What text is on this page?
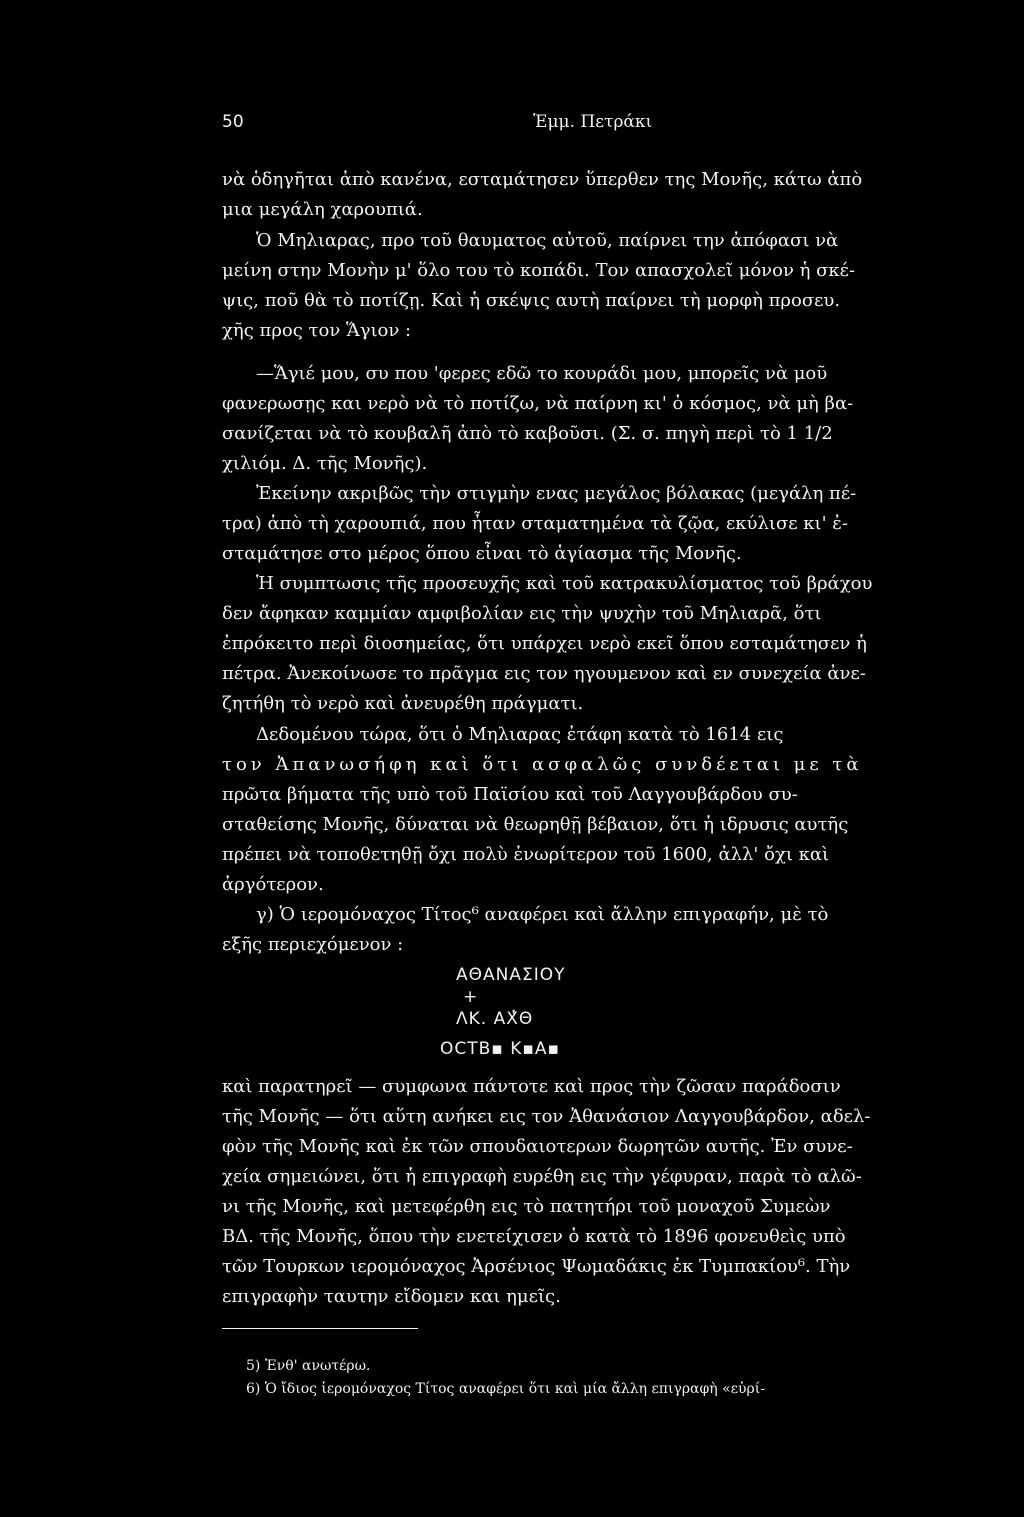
50	Ἐμμ. Πετράκι
νὰ ὁδηγῆται ἀπὸ κανένα, εσταμάτησεν ὕπερθεν της Μονῆς, κάτω ἀπὸ
μια μεγάλη χαρουπιά.
Ὁ Μηλιαρας, προ τοῦ θαυματος αὐτοῦ, παίρνει την ἀπόφασι νὰ
μείνη στην Μονὴν μ' ὅλο του τὸ κοπάδι. Τον απασχολεῖ μόνον ἡ σκέ-
ψις, ποῦ θὰ τὸ ποτίζῃ. Καὶ ἡ σκέψις αυτὴ παίρνει τὴ μορφὴ προσευ.
χῆς προς τον Ἅγιον :
—Ἅγιέ μου, συ που 'φερες εδῶ το κουράδι μου, μπορεῖς νὰ μοῦ
φανερωσῃς και νερὸ νὰ τὸ ποτίζω, νὰ παίρνη κι' ὁ κόσμος, νὰ μὴ βα-
σανίζεται νὰ τὸ κουβαλῆ ἀπὸ τὸ καβοῦσι. (Σ. σ. πηγὴ περὶ τὸ 1 1/2
χιλιόμ. Δ. τῆς Μονῆς).
Ἐκείνην ακριβῶς τὴν στιγμὴν ενας μεγάλος βόλακας (μεγάλη πέ-
τρα) ἀπὸ τὴ χαρουπιά, που ἦταν σταματημένα τὰ ζῷα, εκύλισε κι' ἐ-
σταμάτησε στο μέρος ὅπου εἶναι τὸ ἁγίασμα τῆς Μονῆς.
Ἡ συμπτωσις τῆς προσευχῆς καὶ τοῦ κατρακυλίσματος τοῦ βράχου
δεν ἄφηκαν καμμίαν αμφιβολίαν εις τὴν ψυχὴν τοῦ Μηλιαρᾶ, ὅτι
ἐπρόκειτο περὶ διοσημείας, ὅτι υπάρχει νερὸ εκεῖ ὅπου εσταμάτησεν ἡ
πέτρα. Ἀνεκοίνωσε το πρᾶγμα εις τον ηγουμενον καὶ εν συνεχεία ἀνε-
ζητήθη τὸ νερὸ καὶ ἀνευρέθη πράγματι.
Δεδομένου τώρα, ὅτι ὁ Μηλιαρας ἐτάφη κατὰ τὸ 1614 εις
τον Ἀπανωσήφη καὶ ὅτι ασφαλῶς συνδέεται με τὰ
πρῶτα βήματα τῆς υπὸ τοῦ Παϊσίου καὶ τοῦ Λαγγουβάρδου συ-
σταθείσης Μονῆς, δύναται νὰ θεωρηθῇ βέβαιον, ὅτι ἡ ιδρυσις αυτῆς
πρέπει νὰ τοποθετηθῇ ὄχι πολὺ ἐνωρίτερον τοῦ 1600, ἀλλ' ὄχι καὶ
ἀργότερον.
γ) Ὁ ιερομόναχος Τίτος⁶ αναφέρει καὶ ἄλλην επιγραφήν, μὲ τὸ
εξῆς περιεχόμενον :
ΑΘΑΝΑΣΙΟΥ
+
ΛΚ. ΑΧ̔Θ
ΟCΤΒ▪ Κ▪Α▪
καὶ παρατηρεῖ — συμφωνα πάντοτε καὶ προς τὴν ζῶσαν παράδοσιν
τῆς Μονῆς — ὅτι αὕτη ανήκει εις τον Ἀθανάσιον Λαγγουβάρδον, αδελ-
φὸν τῆς Μονῆς καὶ ἐκ τῶν σπουδαιοτερων δωρητῶν αυτῆς. Ἐν συνε-
χεία σημειώνει, ὅτι ἡ επιγραφὴ ευρέθη εις τὴν γέφυραν, παρὰ τὸ αλῶ-
νι τῆς Μονῆς, καὶ μετεφέρθη εις τὸ πατητήρι τοῦ μοναχοῦ Συμεὼν
ΒΔ. τῆς Μονῆς, ὅπου τὴν ενετείχισεν ὁ κατὰ τὸ 1896 φονευθεὶς υπὸ
τῶν Τουρκων ιερομόναχος Ἀρσένιος Ψωμαδάκις ἐκ Τυμπακίου⁶. Τὴν
επιγραφὴν ταυτην εἴδομεν και ημεῖς.
5) Ἐνθ' ανωτέρω.
6) Ὁ ἴδιος ἱερομόναχος Τίτος αναφέρει ὅτι καὶ μία ἄλλη επιγραφὴ «εὑρί-
